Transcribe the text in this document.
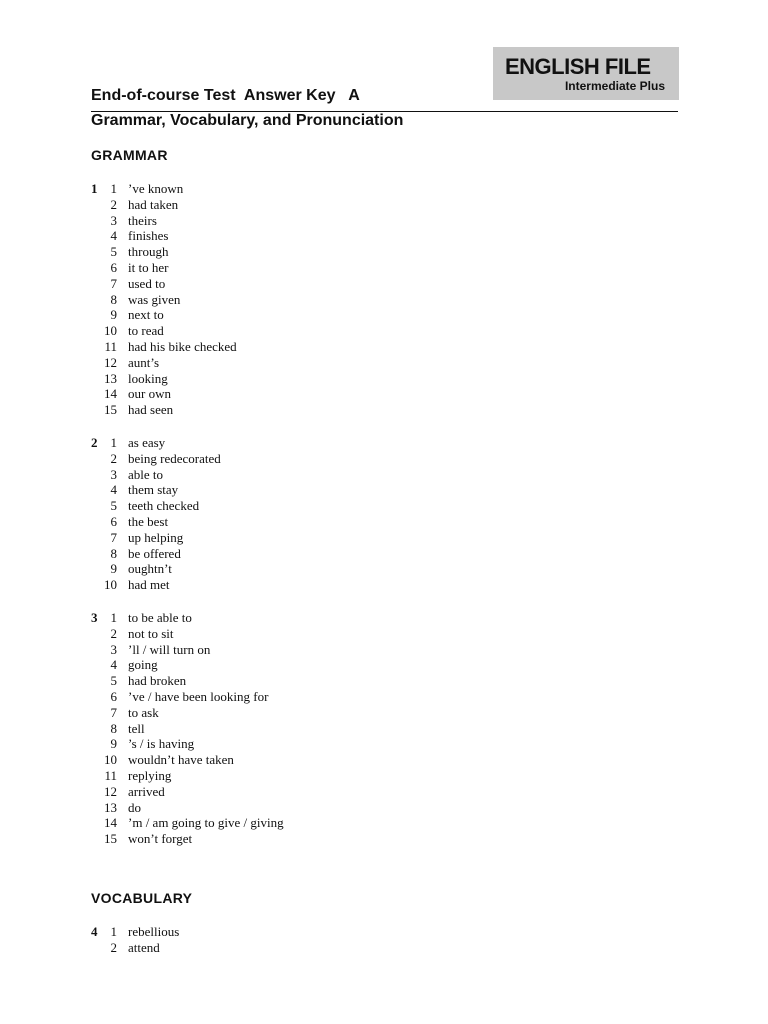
ENGLISH FILE
Intermediate Plus
End-of-course Test  Answer Key   A
Grammar, Vocabulary, and Pronunciation
GRAMMAR
1	1 ’ve known
2 had taken
3 theirs
4 finishes
5 through
6 it to her
7 used to
8 was given
9 next to
10 to read
11 had his bike checked
12 aunt’s
13 looking
14 our own
15 had seen
2	1 as easy
2 being redecorated
3 able to
4 them stay
5 teeth checked
6 the best
7 up helping
8 be offered
9 oughtn’t
10 had met
3	1 to be able to
2 not to sit
3 ’ll / will turn on
4 going
5 had broken
6 ’ve / have been looking for
7 to ask
8 tell
9 ’s / is having
10 wouldn’t have taken
11 replying
12 arrived
13 do
14 ’m / am going to give / giving
15 won’t forget
VOCABULARY
4	1 rebellious
2 attend
